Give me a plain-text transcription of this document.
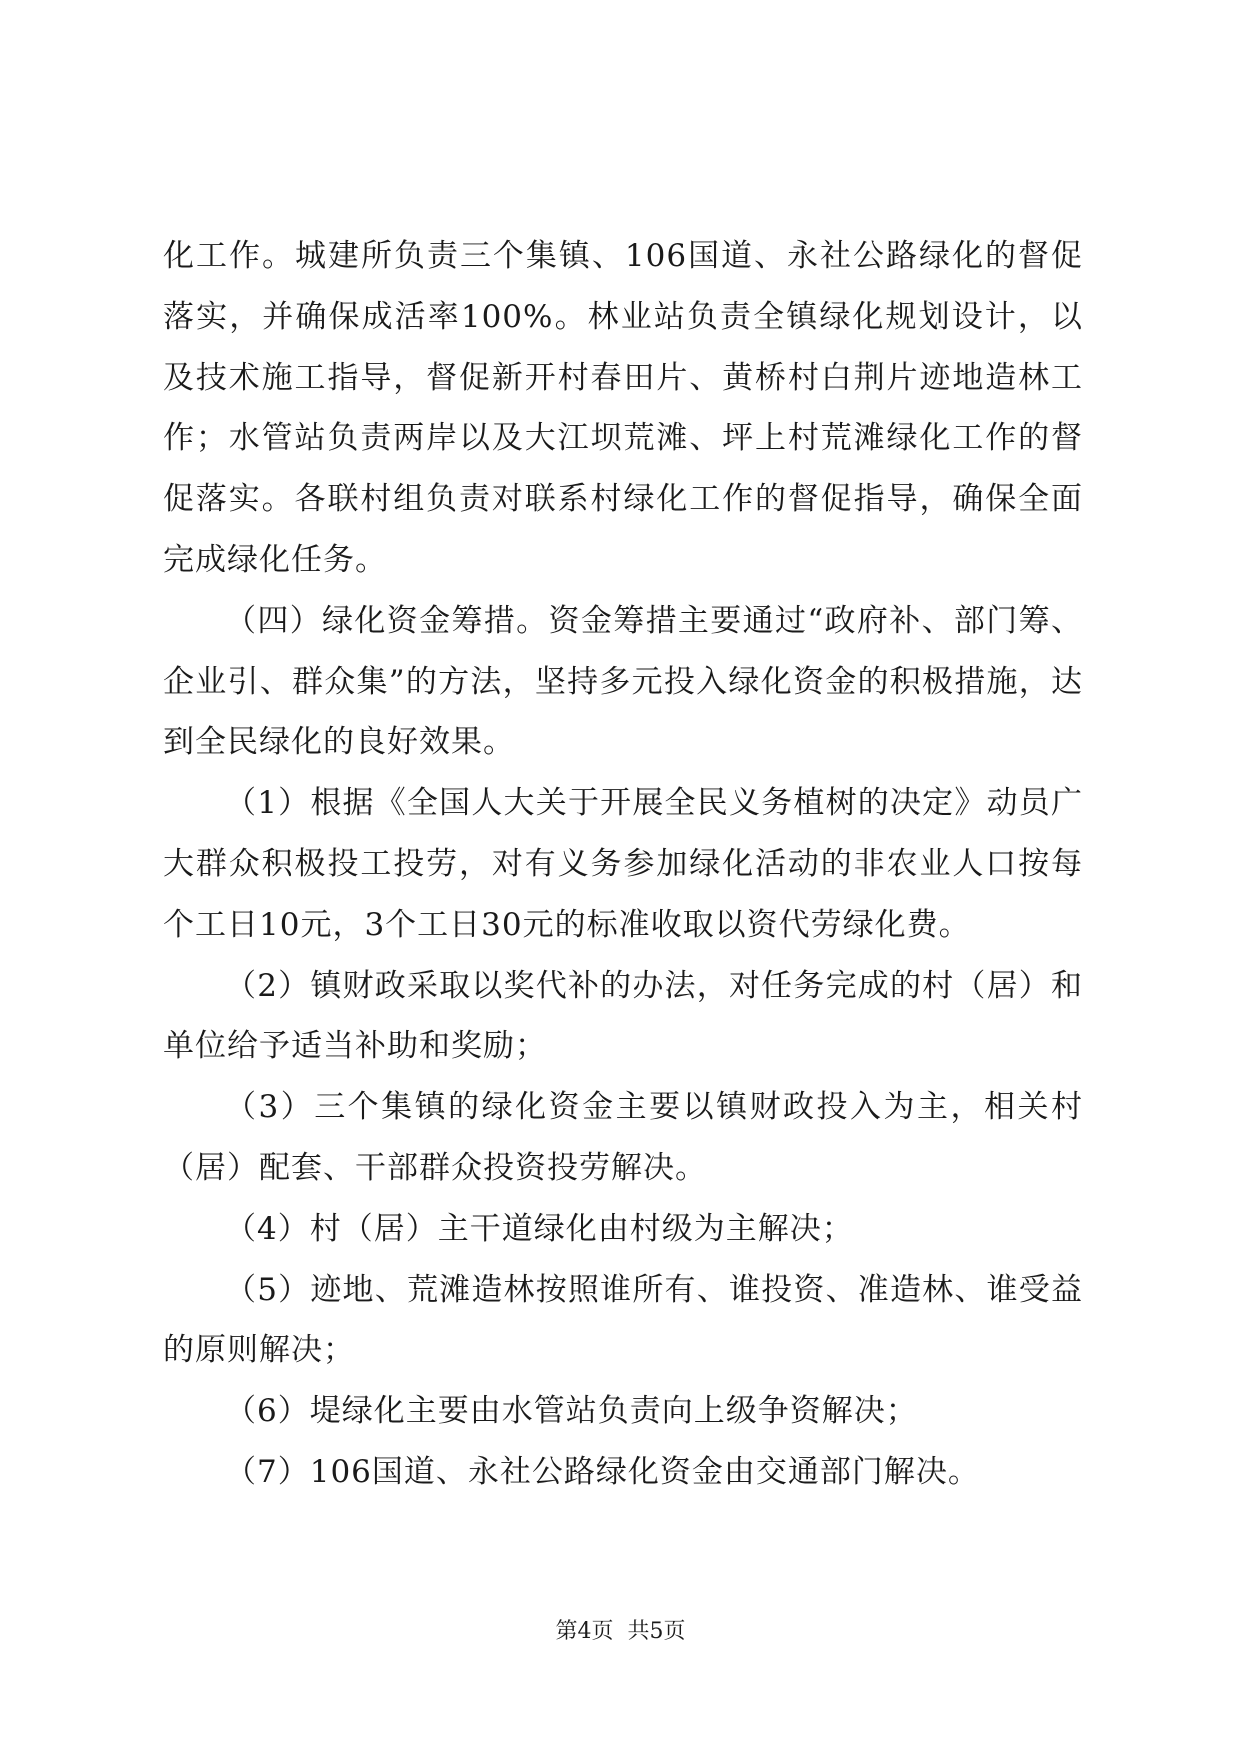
化工作。城建所负责三个集镇、106国道、永社公路绿化的督促落实，并确保成活率100%。林业站负责全镇绿化规划设计，以及技术施工指导，督促新开村春田片、黄桥村白荆片迹地造林工作；水管站负责两岸以及大江坝荒滩、坪上村荒滩绿化工作的督促落实。各联村组负责对联系村绿化工作的督促指导，确保全面完成绿化任务。

（四）绿化资金筹措。资金筹措主要通过“政府补、部门筹、企业引、群众集”的方法，坚持多元投入绿化资金的积极措施，达到全民绿化的良好效果。

（1）根据《全国人大关于开展全民义务植树的决定》动员广大群众积极投工投劳，对有义务参加绿化活动的非农业人口按每个工日10元，3个工日30元的标准收取以资代劳绿化费。

（2）镇财政采取以奖代补的办法，对任务完成的村（居）和单位给予适当补助和奖励；

（3）三个集镇的绿化资金主要以镇财政投入为主，相关村（居）配套、干部群众投资投劳解决。

（4）村（居）主干道绿化由村级为主解决；

（5）迹地、荒滩造林按照谁所有、谁投资、准造林、谁受益的原则解决；

（6）堤绿化主要由水管站负责向上级争资解决；

（7）106国道、永社公路绿化资金由交通部门解决。

第4页 共5页
